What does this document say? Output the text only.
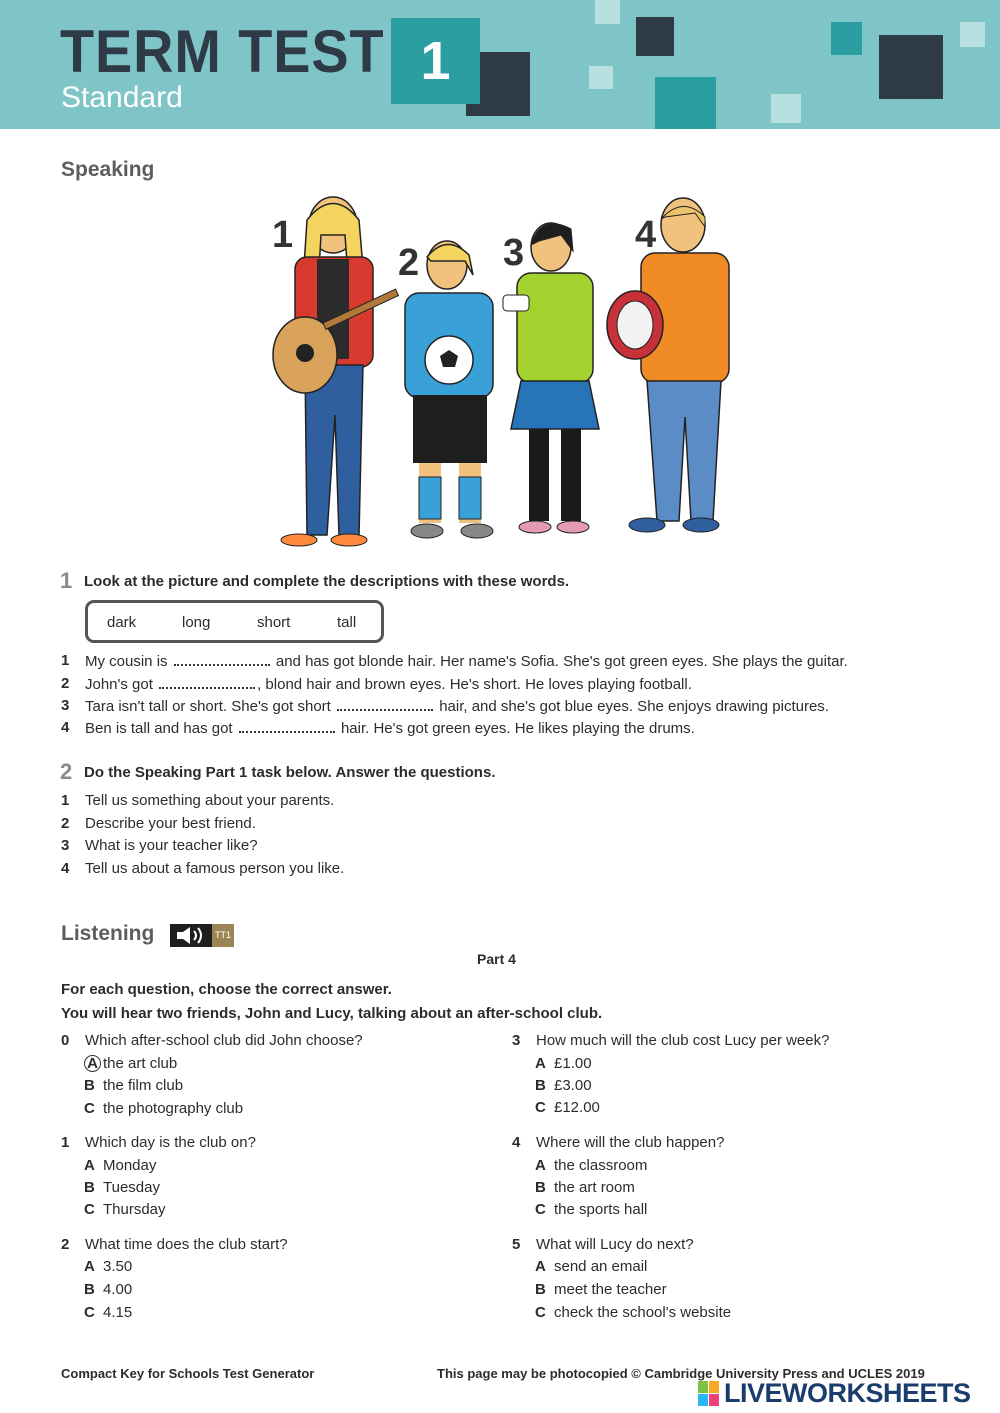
TERM TEST
Standard
1
Speaking
1
2 3	4
1 Look at the picture and complete the descriptions with these words.
dark	long	short	tall
1 My cousin is	and has got blonde hair. Her name's Sofia. She's got green eyes. She plays the guitar.
2 John's got	, blond hair and brown eyes. He's short. He loves playing football.
3 Tara isn't tall or short. She's got short	hair, and she's got blue eyes. She enjoys drawing pictures.
4 Ben is tall and has got	hair. He's got green eyes. He likes playing the drums.
2 Do the Speaking Part 1 task below. Answer the questions.
1 Tell us something about your parents.
2 Describe your best friend.
3 What is your teacher like?
4 Tell us about a famous person you like.
Listening	TT1
Part 4
For each question, choose the correct answer.
You will hear two friends, John and Lucy, talking about an after-school club.
0 Which after-school club did John choose?
A the art club
B the film club
C the photography club
1 Which day is the club on?
A Monday
B Tuesday
C Thursday
2 What time does the club start?
A 3.50
B 4.00
C 4.15
3 How much will the club cost Lucy per week?
A £1.00
B £3.00
C £12.00
4 Where will the club happen?
A the classroom
B the art room
C the sports hall
5 What will Lucy do next?
A send an email
B meet the teacher
C check the school's website
Compact Key for Schools Test Generator	This page may be photocopied © Cambridge University Press and UCLES 2019
LIVEWORKSHEETS
